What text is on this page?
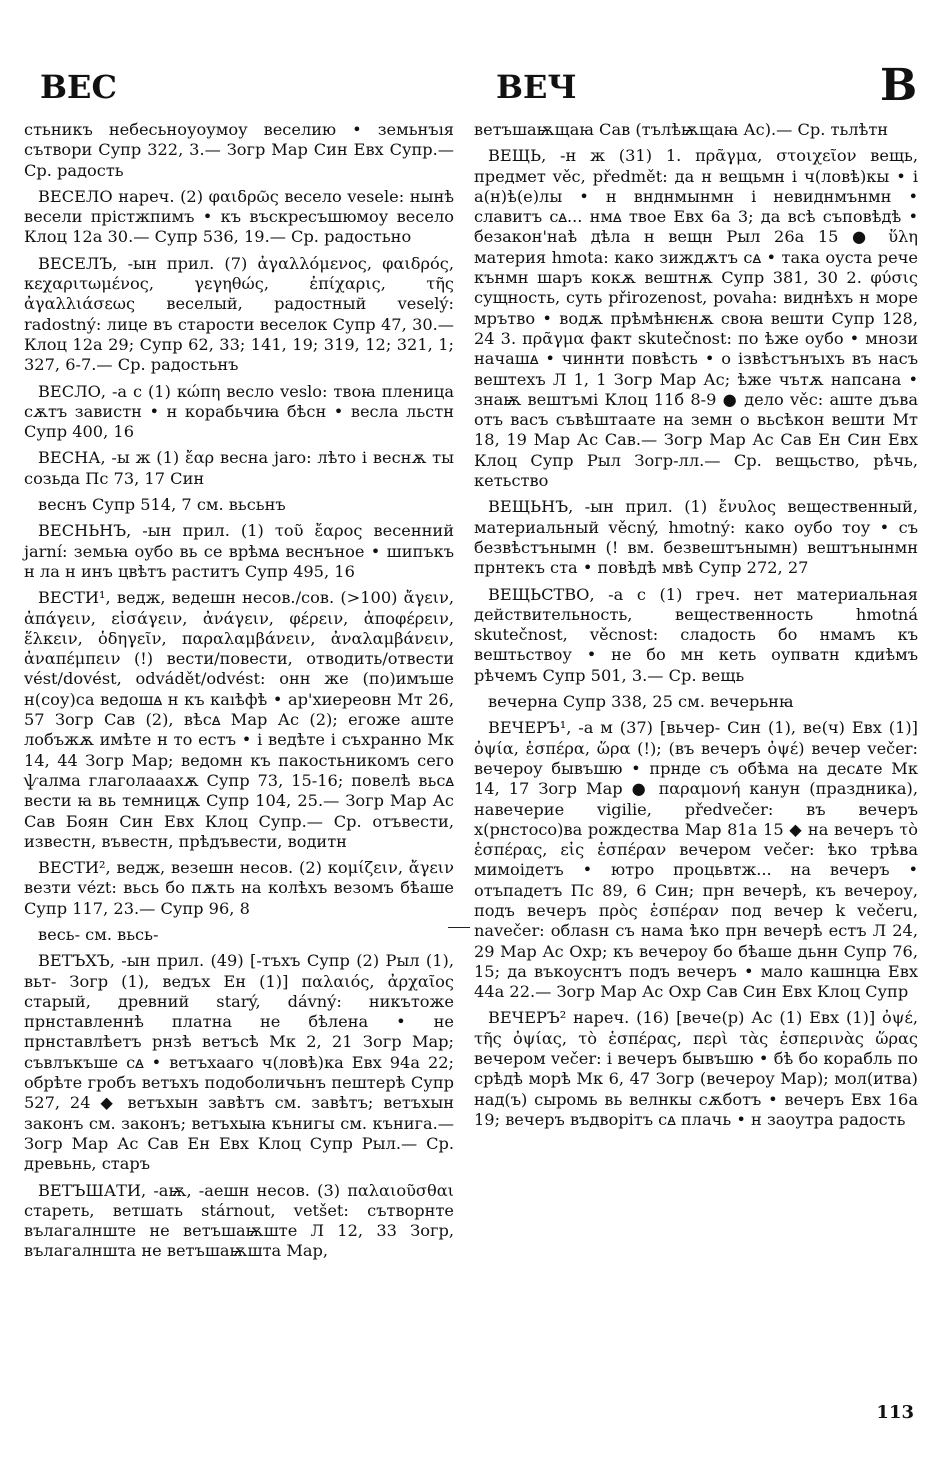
ВЕС	ВЕЧ	В

стьникъ небесьноуоумоу веселию • земьнъıя сътвори Супр 322, 3.— Зогр Мар Син Евх Супр.— Ср. радость

ВЕСЕЛО нареч. (2) φαιδρῶς весело vesele: нынѣ весели прiстжпимъ • къ въскресъшюмоу весело Клоц 12а 30.— Супр 536, 19.— Ср. радостьно

ВЕСЕЛЪ, -ын прил. (7) ἀγαλλόμενος, φαιδρός, κεχαριτωμένος, γεγηθώς, ἐπίχαρις, τῆς ἀγαλλιάσεως веселый, радостный veselý: radostný: лице въ старости веселок Супр 47, 30.— Клоц 12а 29; Супр 62, 33; 141, 19; 319, 12; 321, 1; 327, 6-7.— Ср. радостьнъ

ВЕСЛО, -а с (1) κώπη весло veslo: твоꙗ пленица сѫтъ завистн • н корабьчиꙗ бѣсн • весла льстн Супр 400, 16

ВЕСНА, -ы ж (1) ἔαρ весна jaro: лѣто і веснѫ ты созьда Пс 73, 17 Син

веснъ Супр 514, 7 см. вьсьнъ

ВЕСНЬНЪ, -ын прил. (1) τοῦ ἔαρος весенний jarní: земьꙗ оубо вь се врѣмꙙ веснъное • шипъкъ н ла н инъ цвѣтъ раститъ Супр 495, 16

ВЕСТИ¹, ведж, ведешн несов./сов. (>100) ἄγειν, ἀπάγειν, εἰσάγειν, ἀνάγειν, φέρειν, ἀποφέρειν, ἕλκειν, ὁδηγεῖν, παραλαμβάνειν, ἀναλαμβάνειν, ἀναπέμπειν (!) вести/повести, отводить/отвести vést/dovést, odvádět/odvést: онн же (по)имъше н(соу)са ведошꙙ н къ каıѣфѣ • ар'хиереовн Мт 26, 57 Зогр Сав (2), вѣсꙙ Мар Ас (2); егоже аште лобъжѫ имѣте н то естъ • і ведѣте і съхранно Мк 14, 44 Зогр Мар; ведомн къ пакостьникомъ сего ѱалма глаголааахѫ Супр 73, 15-16; повелѣ вьсꙙ вести ꙗ вь темницѫ Супр 104, 25.— Зогр Мар Ас Сав Боян Син Евх Клоц Супр.— Ср. отъвести, известн, въвестн, прѣдъвести, водитн

ВЕСТИ², ведж, везешн несов. (2) κομίζειν, ἄγειν везти vézt: вьсь бо пѫть на колѣхъ везомъ бѣаше Супр 117, 23.— Супр 96, 8

весь- см. вьсь-

ВЕТЪХЪ, -ын прил. (49) [-тъхъ Супр (2) Рыл (1), вьт- Зогр (1), ведъх Ен (1)] παλαιός, ἀρχαῖος старый, древний starý, dávný: никътоже прнставленнѣ платна не бѣлена • не прнставлѣетъ рнзѣ ветъсѣ Мк 2, 21 Зогр Мар; съвлъкъше сꙙ • ветъхааго ч(ловѣ)ка Евх 94а 22; обрѣте гробъ ветъхъ подоболичьнъ пештерѣ Супр 527, 24 ◆ ветъхын завѣтъ см. завѣтъ; ветъхын законъ см. законъ; ветъхыꙗ кънигы см. кънига.— Зогр Мар Ас Сав Ен Евх Клоц Супр Рыл.— Ср. древьнь, старъ

ВЕТЪШАТИ, -аѭ, -аешн несов. (3) παλαιοῦσθαι стареть, ветшать stárnout, vetšet: сътворнте вълагалнште не ветъшаѭште Л 12, 33 Зогр, вълагалнштa не ветъшаѭштa Мар,

ветъшаѭщаꙗ Сав (тълѣѭщаꙗ Ас).— Ср. тьлѣтн

ВЕЩЬ, -н ж (31) 1. πρᾶγμα, στοιχεῖον вещь, предмет věc, předmět: да н вещьмн і ч(ловѣ)кы • і а(н)ѣ(е)лы • н внднмынмн і невиднмънмн • славитъ сꙙ... нмꙙ твое Евх 6а 3; да всѣ съповѣдѣ • безакон'нaѣ дѣла н вещн Рыл 26а 15 ● ὕλη материя hmota: како зиждѫтъ сꙙ • така оуста рече кънмн шаръ кокѫ вештнѫ Супр 381, 30 2. φύσις сущность, суть přirozenost, povaha: виднѣхъ н море мрътво • водѫ прѣмѣнѥнѫ своꙗ вешти Супр 128, 24 3. πρᾶγμα факт skutečnost: по ѣже оубо • мнози начашꙙ • чиннти повѣсть • о ізвѣстънъıхъ въ насъ вештехъ Л 1, 1 Зогр Мар Ас; ѣже чътѫ напсана • знаѭ вештъмі Клоц 11б 8-9 ● дело věc: аште дъва отъ васъ съвѣштаате на земн о вьсѣкон вешти Мт 18, 19 Мар Ас Сав.— Зогр Мар Ас Сав Ен Син Евх Клоц Супр Рыл Зогр-лл.— Ср. вещьство, рѣчь, кетьство

ВЕЩЬНЪ, -ын прил. (1) ἔνυλος вещественный, материальный věcný, hmotný: како оубо тоу • съ безвѣстънымн (! вм. безвештънымн) вештънынмн прнтекъ ста • повѣдѣ мвѣ Супр 272, 27

ВЕЩЬСТВО, -а с (1) греч. нет материальная действительность, вещественность hmotná skutečnost, věcnost: сладость бо нмамъ къ вештьствоу • не бо мн кеть оупватн кдиѣмъ рѣчемъ Супр 501, 3.— Ср. вещь

вечерна Супр 338, 25 см. вечерьнꙗ

ВЕЧЕРЪ¹, -а м (37) [вьчер- Син (1), ве(ч) Евх (1)] ὀψία, ἑσπέρα, ὥρα (!); (въ вечеръ ὀψέ) вечер večer: вечероу бывъшю • прнде съ обѣма на десꙙте Мк 14, 17 Зогр Мар ● παραμονή канун (праздника), навечерие vigilie, předvečer: въ вечеръ х(рнстосо)ва рождества Мар 81а 15 ◆ на вечеръ τὸ ἑσπέρας, εἰς ἑσπέραν вечером večer: ѣко трѣва мимоідетъ • ютро процьвтж... на вечеръ • отъпадетъ Пс 89, 6 Син; прн вечерѣ, къ вечероу, подъ вечеръ πρὸς ἑσπέραν под вечер k večeru, navečer: облаѕн съ нама ѣко прн вечерѣ естъ Л 24, 29 Мар Ас Охр; къ вечероу бо бѣаше дьнн Супр 76, 15; да въкоуснтъ подъ вечеръ • мало кашнцꙗ Евх 44а 22.— Зогр Мар Ас Охр Сав Син Евх Клоц Супр

ВЕЧЕРЪ² нареч. (16) [вече(р) Ас (1) Евх (1)] ὀψέ, τῆς ὀψίας, τὸ ἑσπέρας, περὶ τὰς ἑσπερινὰς ὥρας вечером večer: і вечеръ бывъшю • бѣ бо корабль по срѣдѣ морѣ Мк 6, 47 Зогр (вечероу Мар); мол(итва) над(ъ) сыромь вь велнкы сѫботъ • вечеръ Евх 16а 19; вечеръ въдворітъ сꙙ плачь • н заоутра радость

113
